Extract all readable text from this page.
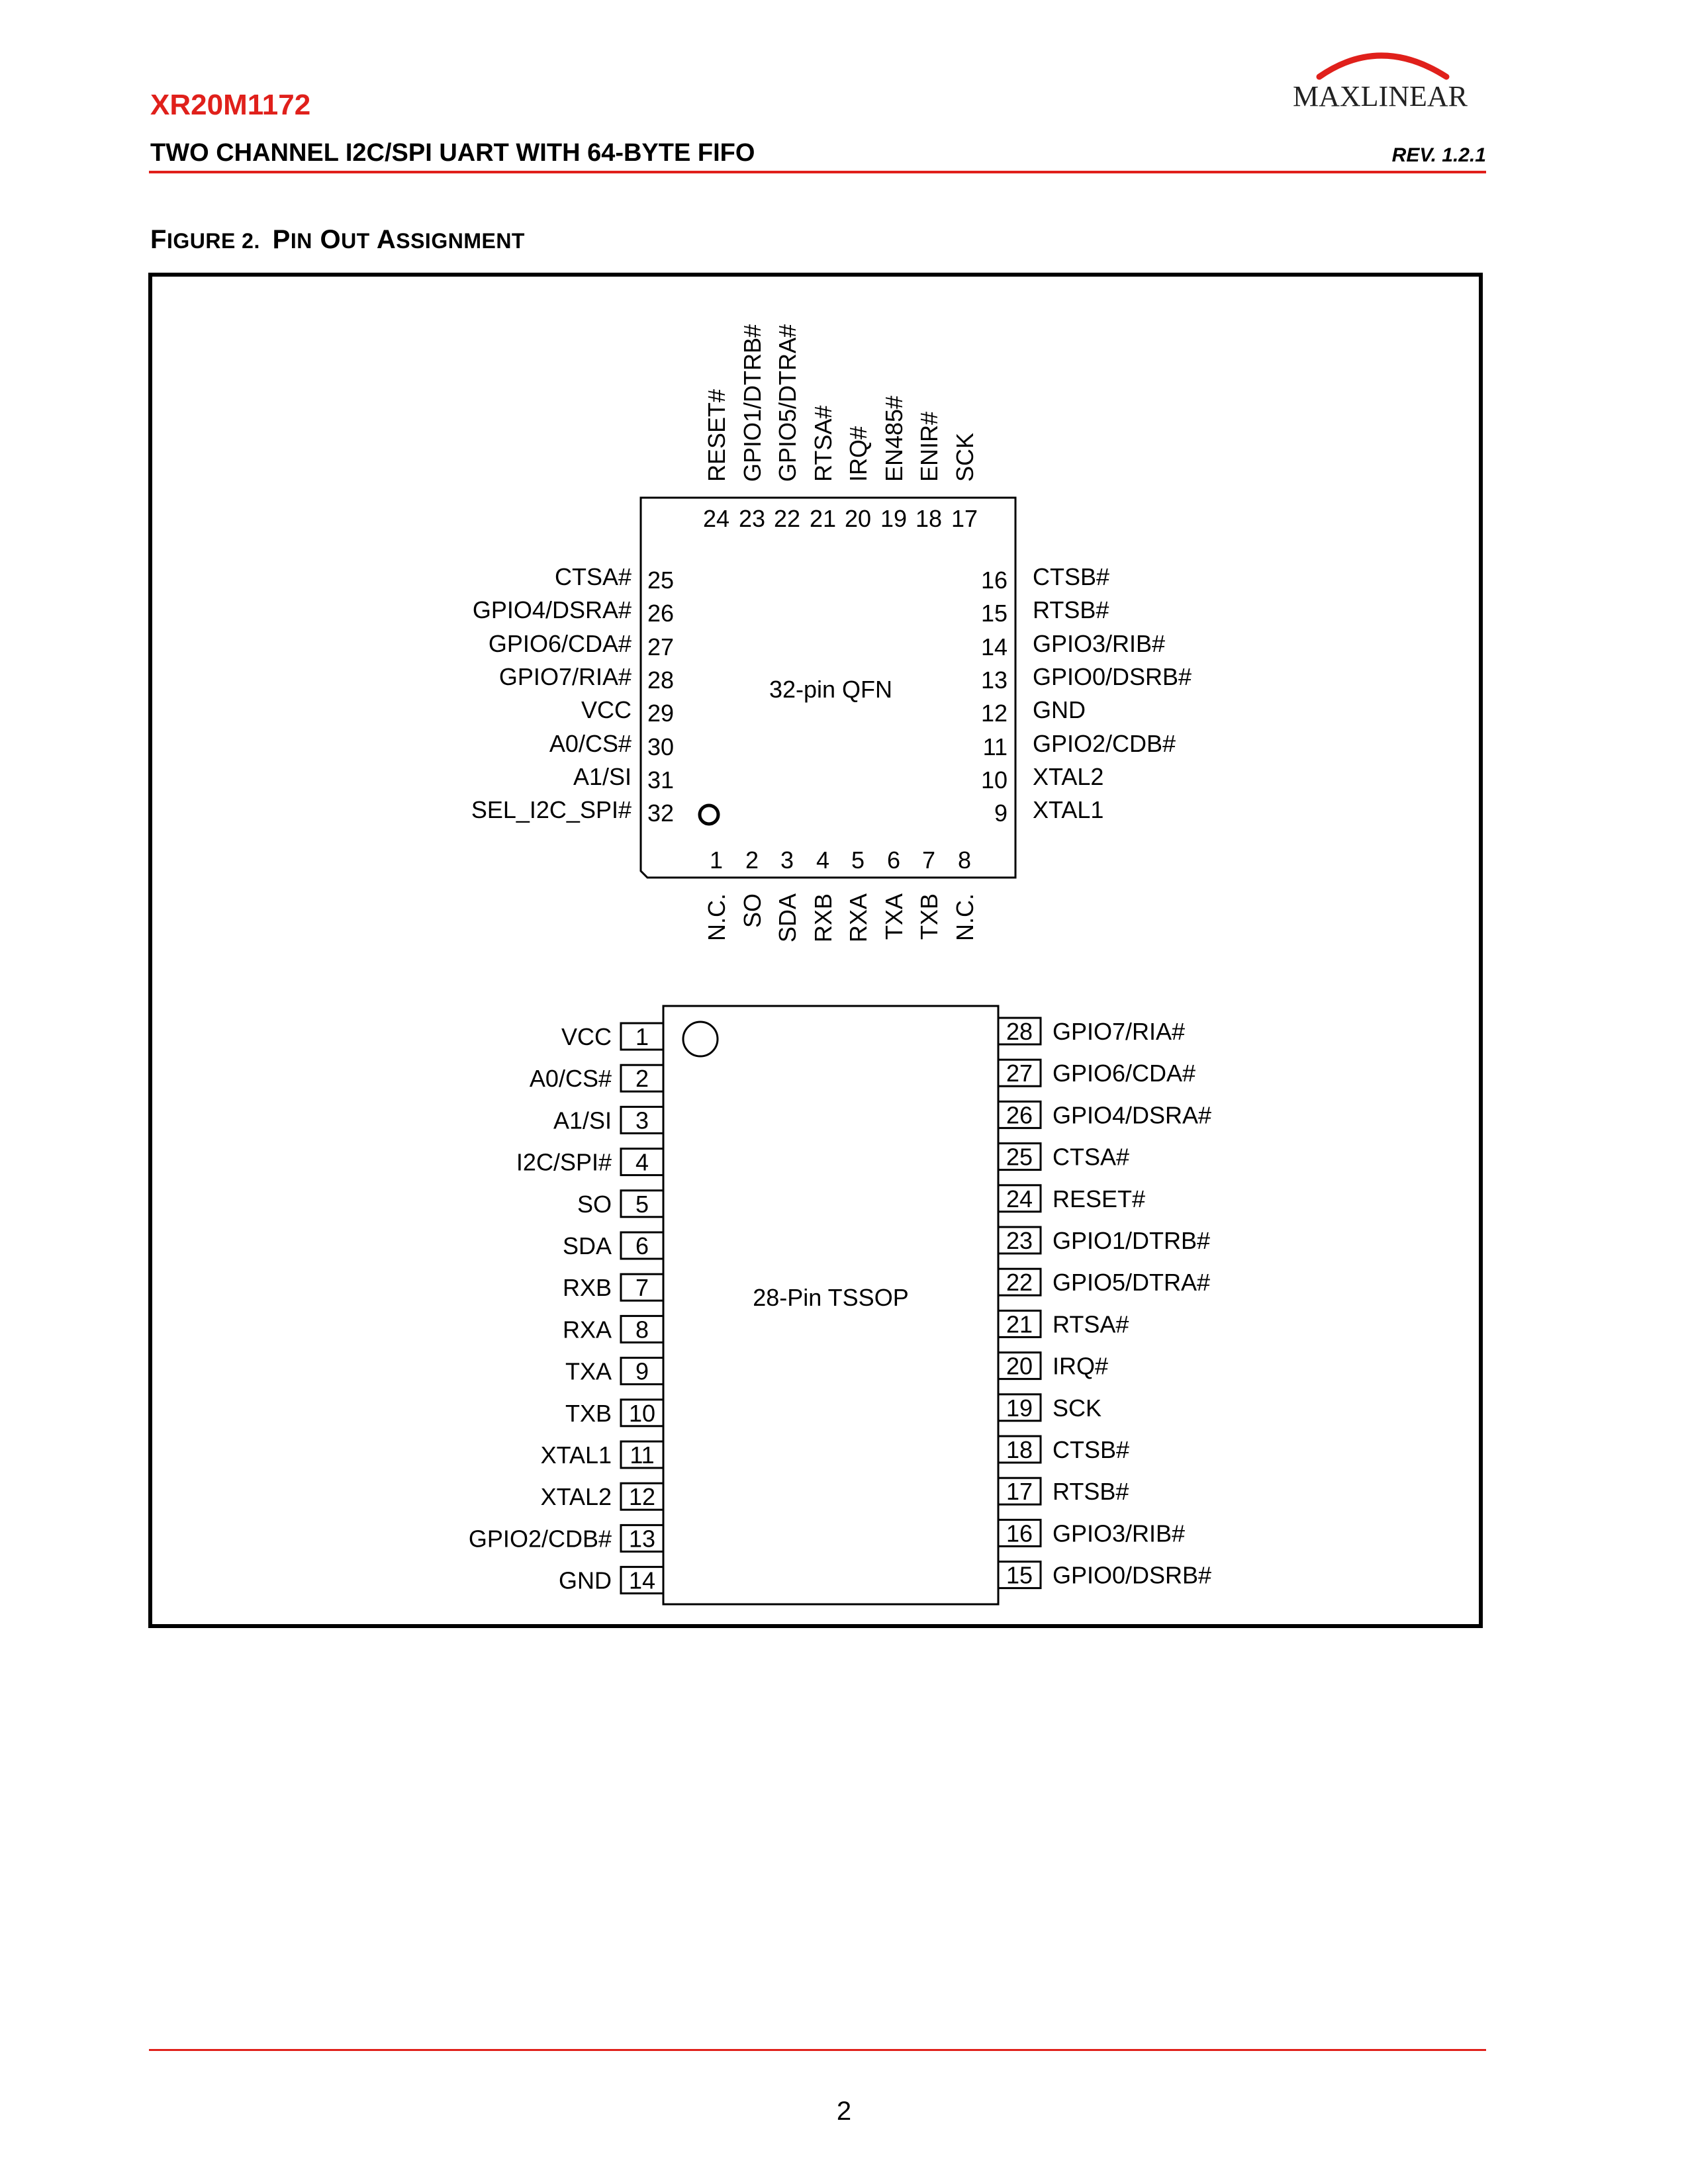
XR20M1172	MAXLINEAR
TWO CHANNEL I2C/SPI UART WITH 64-BYTE FIFO	REV. 1.2.1
FIGURE 2.  PIN OUT ASSIGNMENT
32-pin QFN
24
RESET#
23
GPIO1/DTRB#
22
GPIO5/DTRA#
21
RTSA#
20
IRQ#
19
EN485#
18
ENIR#
17
SCK
1
N.C.
2
SO
3
SDA
4
RXB
5
RXA
6
TXA
7
TXB
8
N.C.
25
CTSA#
26
GPIO4/DSRA#
27
GPIO6/CDA#
28
GPIO7/RIA#
29
VCC
30
A0/CS#
31
A1/SI
32
SEL_I2C_SPI#
16 CTSB#
15 RTSB#
14 GPIO3/RIB#
13 GPIO0/DSRB#
12 GND
11 GPIO2/CDB#
10 XTAL2
9 XTAL1
28-Pin TSSOP
1
VCC
2
A0/CS#
3
A1/SI
4
I2C/SPI#
5
SO
6
SDA
7
RXB
8
RXA
9
TXA
10
TXB
11
XTAL1
12
XTAL2
13
GPIO2/CDB#
14
GND
28 GPIO7/RIA#
27 GPIO6/CDA#
26 GPIO4/DSRA#
25 CTSA#
24 RESET#
23 GPIO1/DTRB#
22 GPIO5/DTRA#
21 RTSA#
20 IRQ#
19 SCK
18 CTSB#
17 RTSB#
16 GPIO3/RIB#
15 GPIO0/DSRB#
2
